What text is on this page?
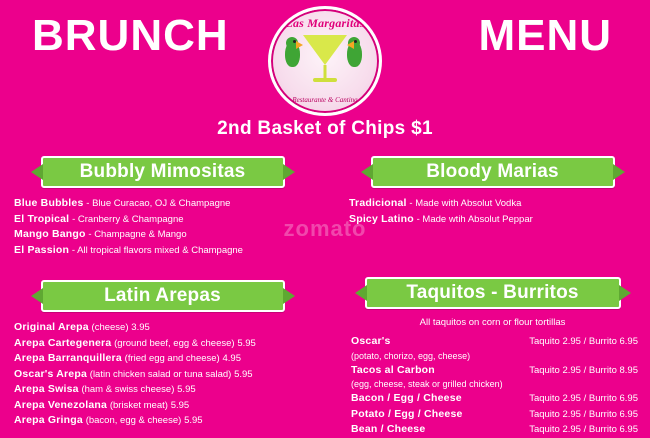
BRUNCH	MENU
Las Margaritas
Restaurante & Cantina
2nd Basket of Chips $1
zomato
Bubbly Mimositas
Blue Bubbles - Blue Curacao, OJ & Champagne
El Tropical - Cranberry & Champagne
Mango Bango - Champagne & Mango
El Passion - All tropical flavors mixed & Champagne
Latin Arepas
Original Arepa (cheese) 3.95
Arepa Cartegenera (ground beef, egg & cheese) 5.95
Arepa Barranquillera (fried egg and cheese) 4.95
Oscar's Arepa (latin chicken salad or tuna salad) 5.95
Arepa Swisa (ham & swiss cheese) 5.95
Arepa Venezolana (brisket meat) 5.95
Arepa Gringa (bacon, egg & cheese) 5.95
Bloody Marias
Tradicional - Made with Absolut Vodka
Spicy Latino - Made wtih Absolut Peppar
Taquitos - Burritos
All taquitos on corn or flour tortillas
Oscar's	Taquito 2.95 / Burrito 6.95
(potato, chorizo, egg, cheese)
Tacos al Carbon	Taquito 2.95 / Burrito 8.95
(egg, cheese, steak or grilled chicken)
Bacon / Egg / Cheese	Taquito 2.95 / Burrito 6.95
Potato / Egg / Cheese	Taquito 2.95 / Burrito 6.95
Bean / Cheese	Taquito 2.95 / Burrito 6.95
